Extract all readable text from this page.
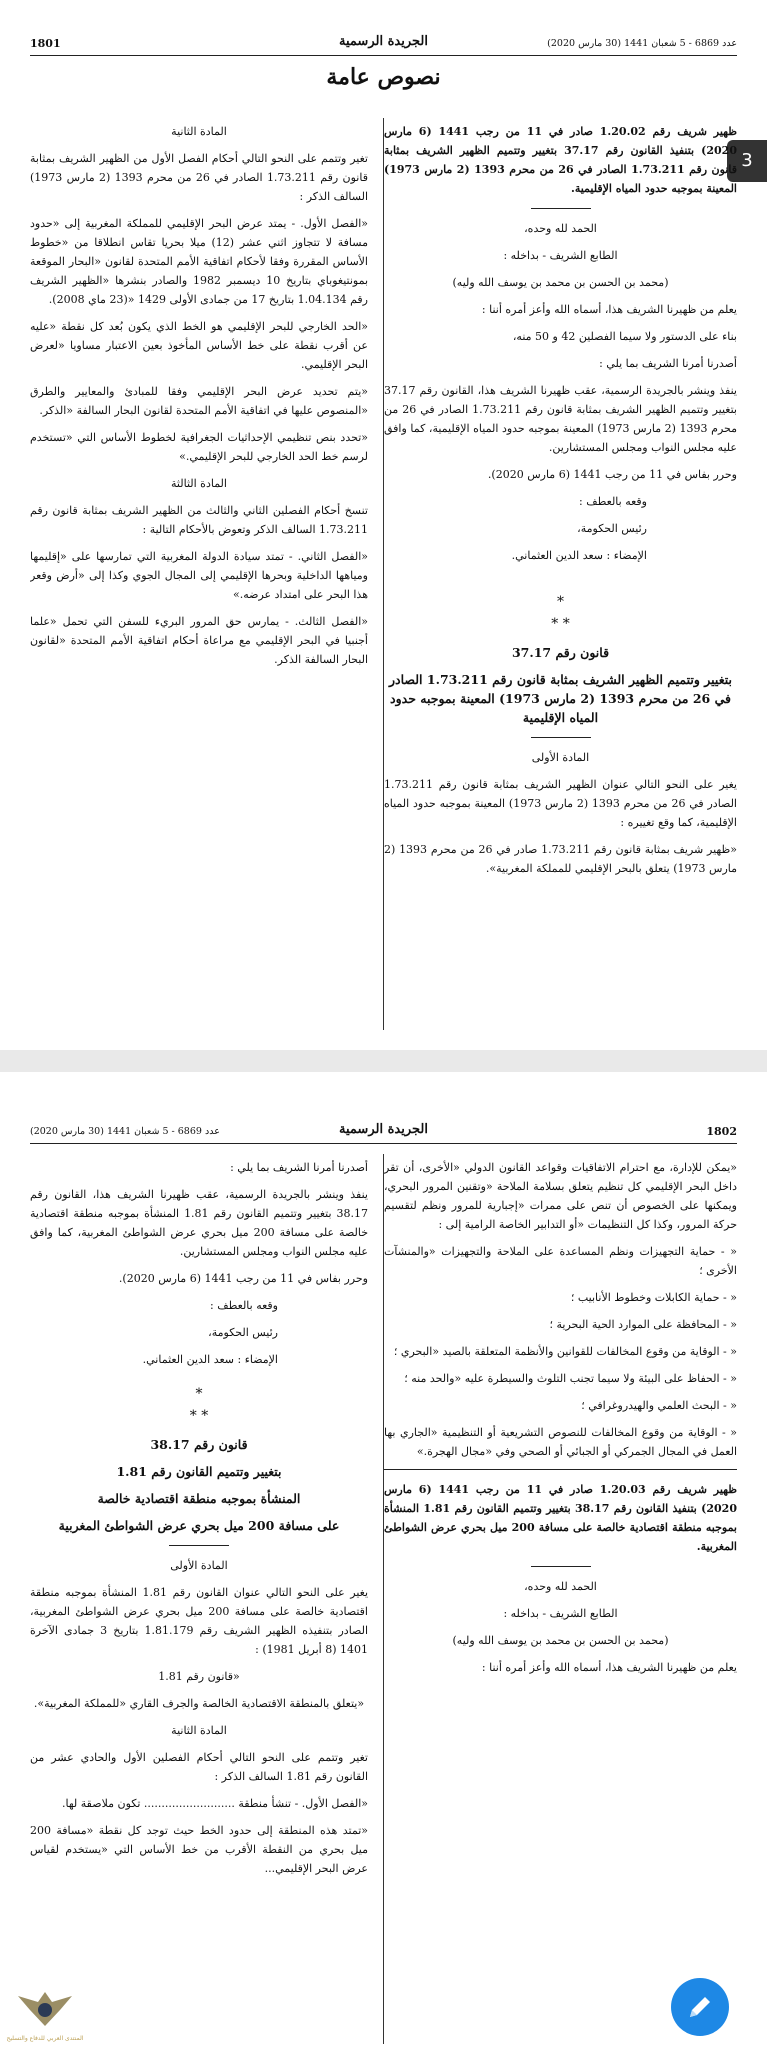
1801	الجريدة الرسمية	عدد 6869 - 5 شعبان 1441 (30 مارس 2020)
نصوص عامة
3

ظهير شريف رقم 1.20.02 صادر في 11 من رجب 1441 (6 مارس 2020) بتنفيذ القانون رقم 37.17 بتغيير وتتميم الظهير الشريف بمثابة قانون رقم 1.73.211 الصادر في 26 من محرم 1393 (2 مارس 1973) المعينة بموجبه حدود المياه الإقليمية.

الحمد لله وحده،

الطابع الشريف - بداخله :

(محمد بن الحسن بن محمد بن يوسف الله وليه)

يعلم من ظهيرنا الشريف هذا، أسماه الله وأعز أمره أننا :

بناء على الدستور ولا سيما الفصلين 42 و 50 منه،

أصدرنا أمرنا الشريف بما يلي :

ينفذ وينشر بالجريدة الرسمية، عقب ظهيرنا الشريف هذا، القانون رقم 37.17 بتغيير وتتميم الظهير الشريف بمثابة قانون رقم 1.73.211 الصادر في 26 من محرم 1393 (2 مارس 1973) المعينة بموجبه حدود المياه الإقليمية، كما وافق عليه مجلس النواب ومجلس المستشارين.

وحرر بفاس في 11 من رجب 1441 (6 مارس 2020).

وقعه بالعطف :

رئيس الحكومة،

الإمضاء : سعد الدين العثماني.

*
* *

قانون رقم 37.17

بتغيير وتتميم الظهير الشريف بمثابة قانون رقم 1.73.211 الصادر في 26 من محرم 1393 (2 مارس 1973) المعينة بموجبه حدود المياه الإقليمية

المادة الأولى

يغير على النحو التالي عنوان الظهير الشريف بمثابة قانون رقم 1.73.211 الصادر في 26 من محرم 1393 (2 مارس 1973) المعينة بموجبه حدود المياه الإقليمية، كما وقع تغييره :

«ظهير شريف بمثابة قانون رقم 1.73.211 صادر في 26 من محرم 1393 (2 مارس 1973) يتعلق بالبحر الإقليمي للمملكة المغربية».

المادة الثانية

تغير وتتمم على النحو التالي أحكام الفصل الأول من الظهير الشريف بمثابة قانون رقم 1.73.211 الصادر في 26 من محرم 1393 (2 مارس 1973) السالف الذكر :

«الفصل الأول. - يمتد عرض البحر الإقليمي للمملكة المغربية إلى «حدود مسافة لا تتجاوز اثني عشر (12) ميلا بحريا تقاس انطلاقا من «خطوط الأساس المقررة وفقا لأحكام اتفاقية الأمم المتحدة لقانون «البحار الموقعة بمونتيغوباي بتاريخ 10 ديسمبر 1982 والصادر بنشرها «الظهير الشريف رقم 1.04.134 بتاريخ 17 من جمادى الأولى 1429 «(23 ماي 2008).

«الحد الخارجي للبحر الإقليمي هو الخط الذي يكون بُعد كل نقطة «عليه عن أقرب نقطة على خط الأساس المأخوذ بعين الاعتبار مساويا «لعرض البحر الإقليمي.

«يتم تحديد عرض البحر الإقليمي وفقا للمبادئ والمعايير والطرق «المنصوص عليها في اتفاقية الأمم المتحدة لقانون البحار السالفة «الذكر.

«تحدد بنص تنظيمي الإحداثيات الجغرافية لخطوط الأساس التي «تستخدم لرسم خط الحد الخارجي للبحر الإقليمي.»

المادة الثالثة

تنسخ أحكام الفصلين الثاني والثالث من الظهير الشريف بمثابة قانون رقم 1.73.211 السالف الذكر وتعوض بالأحكام التالية :

«الفصل الثاني. - تمتد سيادة الدولة المغربية التي تمارسها على «إقليمها ومياهها الداخلية وبحرها الإقليمي إلى المجال الجوي وكذا إلى «أرض وقعر هذا البحر على امتداد عرضه.»

«الفصل الثالث. - يمارس حق المرور البريء للسفن التي تحمل «علما أجنبيا في البحر الإقليمي مع مراعاة أحكام اتفاقية الأمم المتحدة «لقانون البحار السالفة الذكر.

1802
الجريدة الرسمية
عدد 6869 - 5 شعبان 1441 (30 مارس 2020)

«يمكن للإدارة، مع احترام الاتفاقيات وقواعد القانون الدولي «الأخرى، أن تقر داخل البحر الإقليمي كل تنظيم يتعلق بسلامة الملاحة «وتقنين المرور البحري، ويمكنها على الخصوص أن تنص على ممرات «إجبارية للمرور ونظم لتقسيم حركة المرور، وكذا كل التنظيمات «أو التدابير الخاصة الرامية إلى :

« - حماية التجهيزات ونظم المساعدة على الملاحة والتجهيزات «والمنشآت الأخرى ؛

« - حماية الكابلات وخطوط الأنابيب ؛

« - المحافظة على الموارد الحية البحرية ؛

« - الوقاية من وقوع المخالفات للقوانين والأنظمة المتعلقة بالصيد «البحري ؛

« - الحفاظ على البيئة ولا سيما تجنب التلوث والسيطرة عليه «والحد منه ؛

« - البحث العلمي والهيدروغرافي ؛

« - الوقاية من وقوع المخالفات للنصوص التشريعية أو التنظيمية «الجاري بها العمل في المجال الجمركي أو الجبائي أو الصحي وفي «مجال الهجرة.»

ظهير شريف رقم 1.20.03 صادر في 11 من رجب 1441 (6 مارس 2020) بتنفيذ القانون رقم 38.17 بتغيير وتتميم القانون رقم 1.81 المنشأة بموجبه منطقة اقتصادية خالصة على مسافة 200 ميل بحري عرض الشواطئ المغربية.

الحمد لله وحده،

الطابع الشريف - بداخله :

(محمد بن الحسن بن محمد بن يوسف الله وليه)

يعلم من ظهيرنا الشريف هذا، أسماه الله وأعز أمره أننا :

أصدرنا أمرنا الشريف بما يلي :

ينفذ وينشر بالجريدة الرسمية، عقب ظهيرنا الشريف هذا، القانون رقم 38.17 بتغيير وتتميم القانون رقم 1.81 المنشأة بموجبه منطقة اقتصادية خالصة على مسافة 200 ميل بحري عرض الشواطئ المغربية، كما وافق عليه مجلس النواب ومجلس المستشارين.

وحرر بفاس في 11 من رجب 1441 (6 مارس 2020).

وقعه بالعطف :

رئيس الحكومة،

الإمضاء : سعد الدين العثماني.

*
* *

قانون رقم 38.17

بتغيير وتتميم القانون رقم 1.81

المنشأة بموجبه منطقة اقتصادية خالصة

على مسافة 200 ميل بحري عرض الشواطئ المغربية

المادة الأولى

يغير على النحو التالي عنوان القانون رقم 1.81 المنشأة بموجبه منطقة اقتصادية خالصة على مسافة 200 ميل بحري عرض الشواطئ المغربية، الصادر بتنفيذه الظهير الشريف رقم 1.81.179 بتاريخ 3 جمادى الآخرة 1401 (8 أبريل 1981) :

«قانون رقم 1.81

«يتعلق بالمنطقة الاقتصادية الخالصة والجرف القاري «للمملكة المغربية».

المادة الثانية

تغير وتتمم على النحو التالي أحكام الفصلين الأول والحادي عشر من القانون رقم 1.81 السالف الذكر :

«الفصل الأول. - تنشأ منطقة .......................... تكون ملاصقة لها.

«تمتد هذه المنطقة إلى حدود الخط حيث توجد كل نقطة «مسافة 200 ميل بحري من النقطة الأقرب من خط الأساس التي «يستخدم لقياس عرض البحر الإقليمي...

المنتدى العربي للدفاع والتسليح
